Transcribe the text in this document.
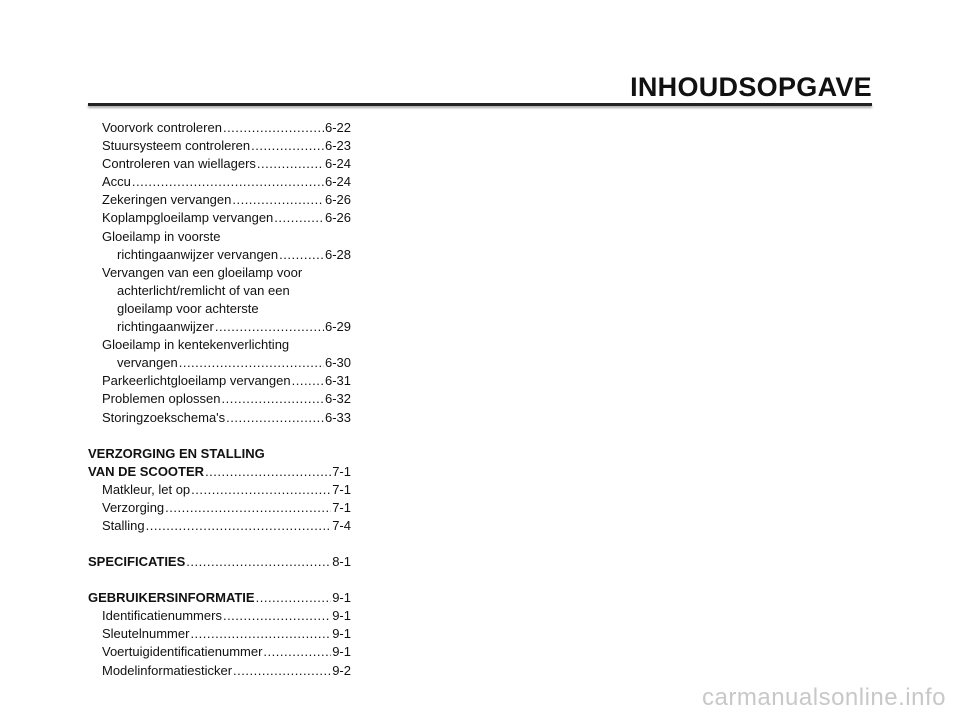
INHOUDSOPGAVE
Voorvork controleren .....	6-22
Stuursysteem controleren .....	6-23
Controleren van wiellagers .....	6-24
Accu .....	6-24
Zekeringen vervangen .....	6-26
Koplampgloeilamp vervangen .....	6-26
Gloeilamp in voorste
richtingaanwijzer vervangen .....	6-28
Vervangen van een gloeilamp voor
achterlicht/remlicht of van een
gloeilamp voor achterste
richtingaanwijzer .....	6-29
Gloeilamp in kentekenverlichting
vervangen .....	6-30
Parkeerlichtgloeilamp vervangen .....	6-31
Problemen oplossen .....	6-32
Storingzoekschema's .....	6-33
VERZORGING EN STALLING
VAN DE SCOOTER .....	7-1
Matkleur, let op .....	7-1
Verzorging .....	7-1
Stalling .....	7-4
SPECIFICATIES .....	8-1
GEBRUIKERSINFORMATIE .....	9-1
Identificatienummers .....	9-1
Sleutelnummer .....	9-1
Voertuigidentificatienummer .....	9-1
Modelinformatiesticker .....	9-2
carmanualsonline.info
